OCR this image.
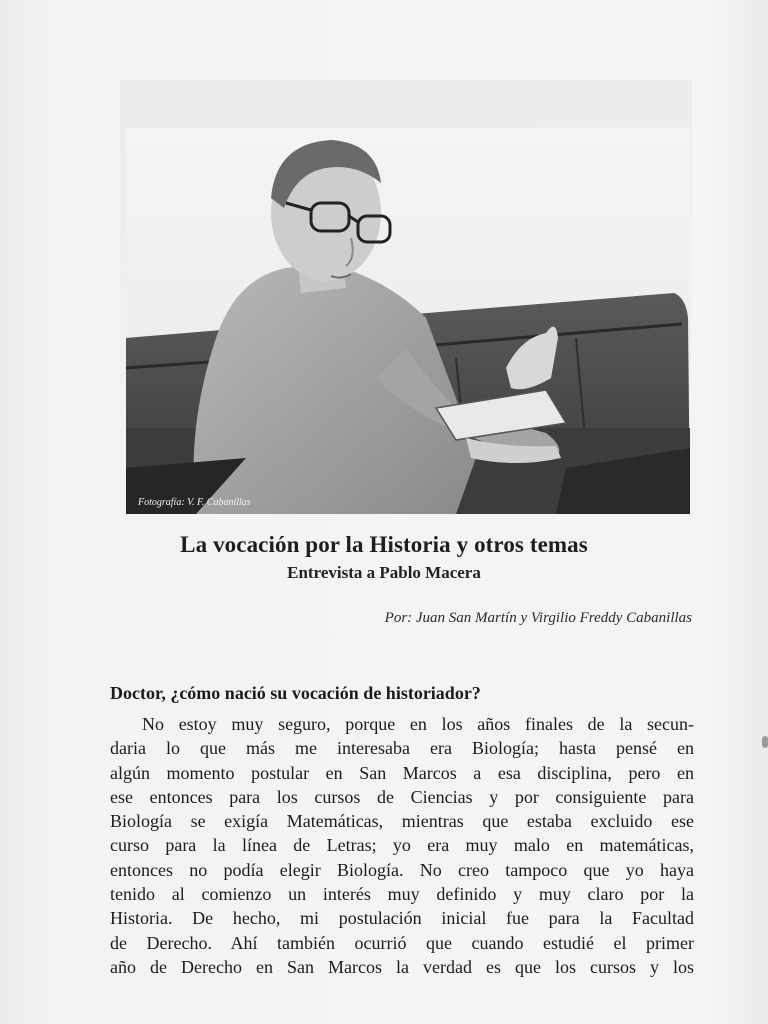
Fotografía: V. F. Cabanillas
La vocación por la Historia y otros temas
Entrevista a Pablo Macera
Por: Juan San Martín y Virgilio Freddy Cabanillas
Doctor, ¿cómo nació su vocación de historiador?
No estoy muy seguro, porque en los años finales de la secun-
daria lo que más me interesaba era Biología; hasta pensé en
algún momento postular en San Marcos a esa disciplina, pero en
ese entonces para los cursos de Ciencias y por consiguiente para
Biología se exigía Matemáticas, mientras que estaba excluido ese
curso para la línea de Letras; yo era muy malo en matemáticas,
entonces no podía elegir Biología. No creo tampoco que yo haya
tenido al comienzo un interés muy definido y muy claro por la
Historia. De hecho, mi postulación inicial fue para la Facultad
de Derecho. Ahí también ocurrió que cuando estudié el primer
año de Derecho en San Marcos la verdad es que los cursos y los
